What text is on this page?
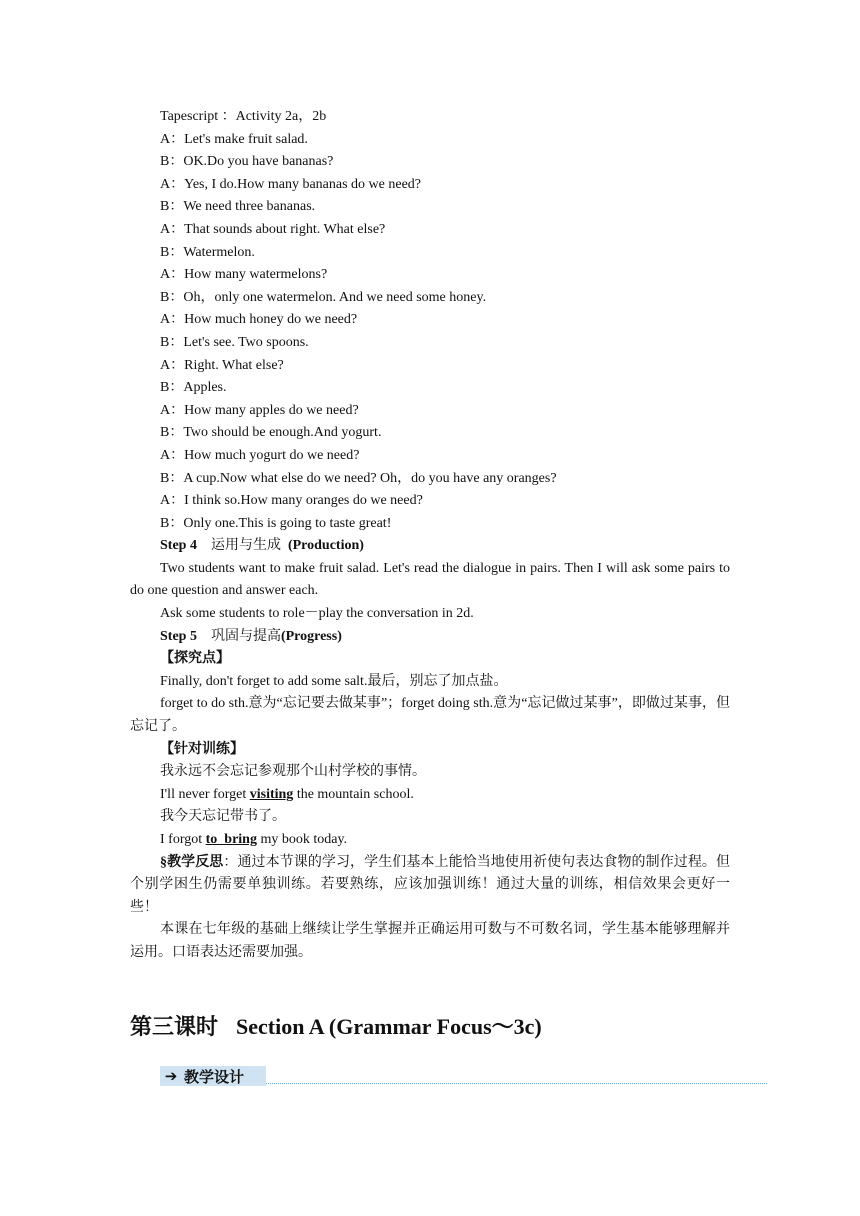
Tapescript ：Activity 2a，2b
A：Let's make fruit salad.
B：OK.Do you have bananas?
A：Yes, I do.How many bananas do we need?
B：We need three bananas.
A：That sounds about right. What else?
B：Watermelon.
A：How many watermelons?
B：Oh，only one watermelon. And we need some honey.
A：How much honey do we need?
B：Let's see. Two spoons.
A：Right. What else?
B：Apples.
A：How many apples do we need?
B：Two should be enough.And yogurt.
A：How much yogurt do we need?
B：A cup.Now what else do we need? Oh，do you have any oranges?
A：I think so.How many oranges do we need?
B：Only one.This is going to taste great!
Step 4 运用与生成 (Production)
Two students want to make fruit salad. Let's read the dialogue in pairs. Then I will ask some pairs to do one question and answer each.
Ask some students to role－play the conversation in 2d.
Step 5 巩固与提高(Progress)
【探究点】
Finally, don't forget to add some salt.最后，别忘了加点盐。
forget to do sth.意为“忘记要去做某事”；forget doing sth.意为“忘记做过某事”，即做过某事，但忘记了。
【针对训练】
我永远不会忘记参观那个山村学校的事情。
I'll never forget visiting the mountain school.
我今天忘记带书了。
I forgot to  bring my book today.
§教学反思：通过本节课的学习，学生们基本上能恰当地使用祈使句表达食物的制作过程。但个别学困生仍需要单独训练。若要熟练，应该加强训练！通过大量的训练，相信效果会更好一些！
本课在七年级的基础上继续让学生掌握并正确运用可数与不可数名词，学生基本能够理解并运用。口语表达还需要加强。
第三课时 Section A (Grammar Focus～3c)
➔ 教学设计
